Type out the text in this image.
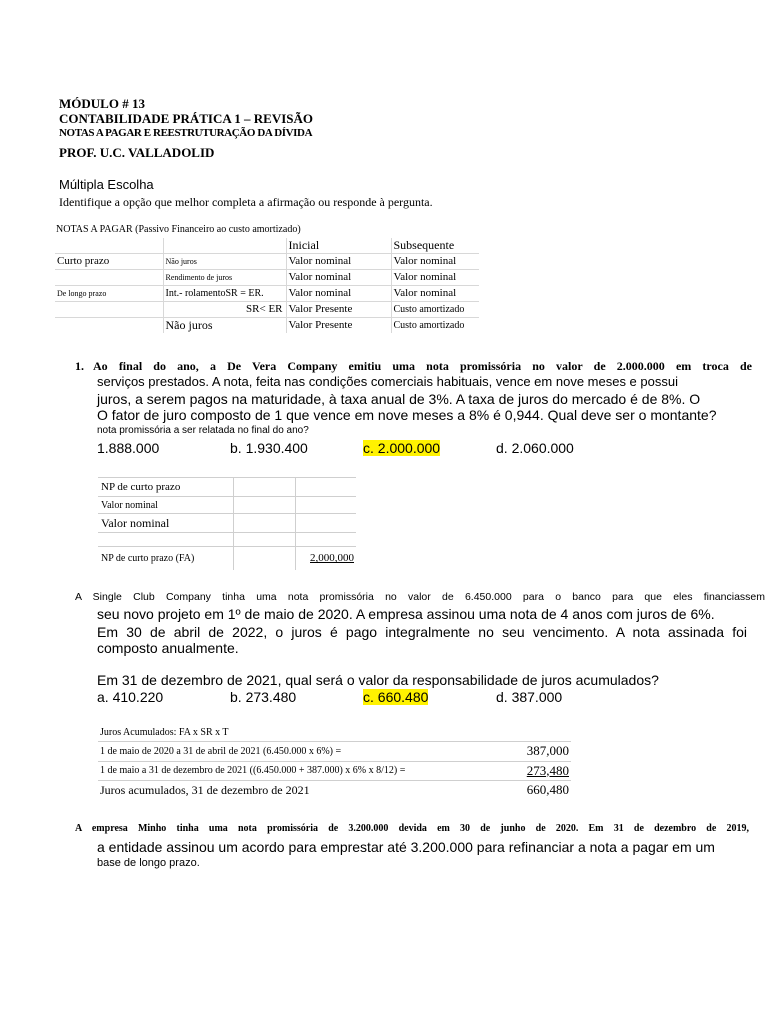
MÓDULO # 13
CONTABILIDADE PRÁTICA 1 – REVISÃO
NOTAS A PAGAR E REESTRUTURAÇÃO DA DÍVIDA
PROF. U.C. VALLADOLID
Múltipla Escolha
Identifique a opção que melhor completa a afirmação ou responde à pergunta.
NOTAS A PAGAR (Passivo Financeiro ao custo amortizado)
		Inicial	Subsequente
Curto prazo	Não juros	Valor nominal	Valor nominal
	Rendimento de juros	Valor nominal	Valor nominal
De longo prazo	Int.- rolamentoSR = ER.	Valor nominal	Valor nominal
	SR< ER	Valor Presente	Custo amortizado
	Não juros	Valor Presente	Custo amortizado
1. Ao final do ano, a De Vera Company emitiu uma nota promissória no valor de 2.000.000 em troca de
serviços prestados. A nota, feita nas condições comerciais habituais, vence em nove meses e possui
juros, a serem pagos na maturidade, à taxa anual de 3%. A taxa de juros do mercado é de 8%. O
O fator de juro composto de 1 que vence em nove meses a 8% é 0,944. Qual deve ser o montante?
nota promissória a ser relatada no final do ano?
1.888.000	b. 1.930.400	c. 2.000.000	d. 2.060.000
NP de curto prazo		
Valor nominal		
Valor nominal		

NP de curto prazo (FA)		2,000,000
A Single Club Company tinha uma nota promissória no valor de 6.450.000 para o banco para que eles financiassem
seu novo projeto em 1º de maio de 2020. A empresa assinou uma nota de 4 anos com juros de 6%.
Em 30 de abril de 2022, o juros é pago integralmente no seu vencimento. A nota assinada foi
composto anualmente.
Em 31 de dezembro de 2021, qual será o valor da responsabilidade de juros acumulados?
a. 410.220	b. 273.480	c. 660.480	d. 387.000
Juros Acumulados: FA x SR x T	
1 de maio de 2020 a 31 de abril de 2021 (6.450.000 x 6%) =	387,000
1 de maio a 31 de dezembro de 2021 ((6.450.000 + 387.000) x 6% x 8/12) =	273,480
Juros acumulados, 31 de dezembro de 2021	660,480
A empresa Minho tinha uma nota promissória de 3.200.000 devida em 30 de junho de 2020. Em 31 de dezembro de 2019,
a entidade assinou um acordo para emprestar até 3.200.000 para refinanciar a nota a pagar em um
base de longo prazo.
